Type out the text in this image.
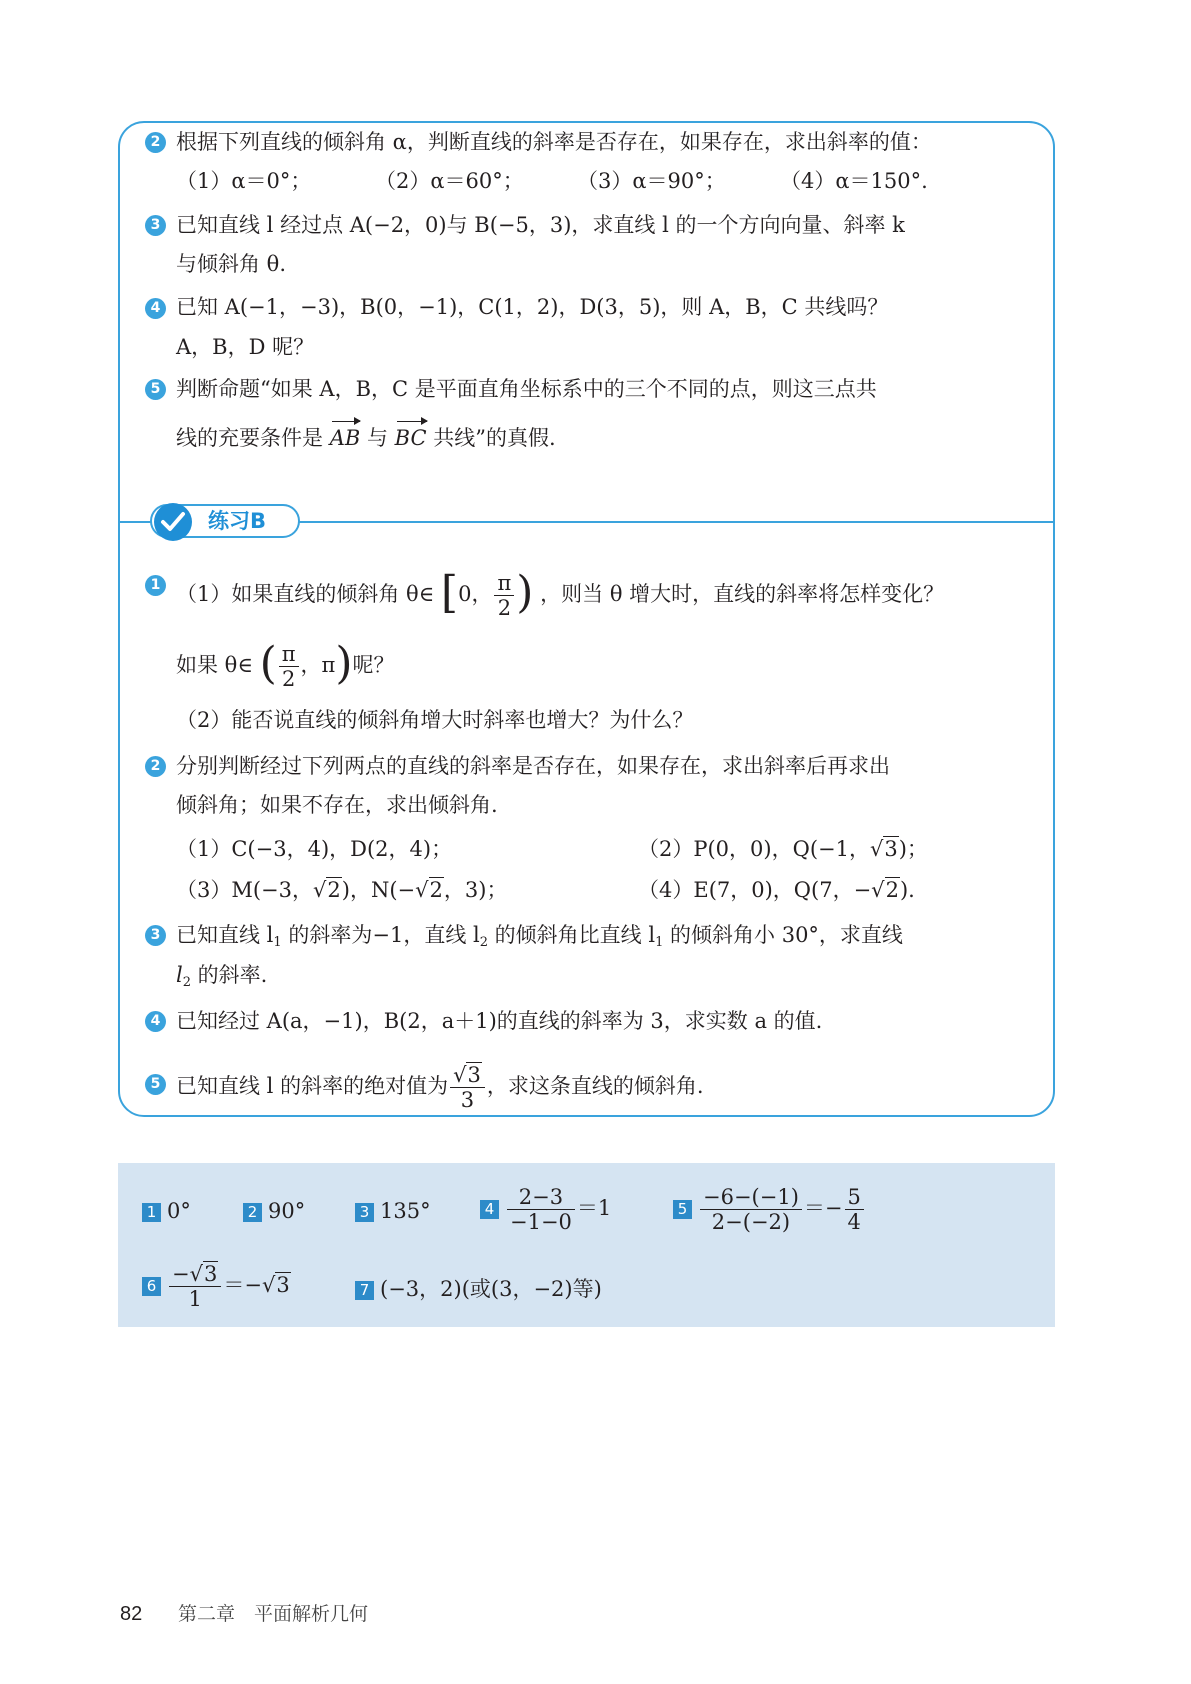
2 根据下列直线的倾斜角 α，判断直线的斜率是否存在，如果存在，求出斜率的值：
（1）α＝0°；	（2）α＝60°；	（3）α＝90°；	（4）α＝150°.
3 已知直线 l 经过点 A(−2，0)与 B(−5，3)，求直线 l 的一个方向向量、斜率 k
与倾斜角 θ.
4 已知 A(−1，−3)，B(0，−1)，C(1，2)，D(3，5)，则 A，B，C 共线吗？
A，B，D 呢？
5 判断命题“如果 A，B，C 是平面直角坐标系中的三个不同的点，则这三点共
线的充要条件是 AB 与 BC 共线”的真假.
练习B
1 （1）如果直线的倾斜角 θ∈ [0， $\frac{\pi}{2}$ ) ，则当 θ 增大时，直线的斜率将怎样变化？
如果 θ∈ ( $\frac{\pi}{2}$ ，π)呢？
（2）能否说直线的倾斜角增大时斜率也增大？为什么？
2 分别判断经过下列两点的直线的斜率是否存在，如果存在，求出斜率后再求出
倾斜角；如果不存在，求出倾斜角.
（1）C(−3，4)，D(2，4)；	（2）P(0，0)，Q(−1，√3)；
（3）M(−3，√2)，N(−√2，3)；	（4）E(7，0)，Q(7，−√2).
3 已知直线 $l_1$ 的斜率为−1，直线 $l_2$ 的倾斜角比直线 $l_1$ 的倾斜角小 30°，求直线
$l_2$ 的斜率.
4 已知经过 A(a，−1)，B(2，a＋1)的直线的斜率为 3，求实数 a 的值.
5 已知直线 l 的斜率的绝对值为 $\frac{√3}{3}$ ，求这条直线的倾斜角.
1 0°	2 90°	3 135°	$4 \frac{2-3}{-1-0} =1$	$5 \frac{-6-(-1)}{2-(-2)} =- \frac{5}{4}$
$6 \frac{-√3}{1} =-√3$	7 (−3，2)(或(3，−2)等)
82 第二章　平面解析几何
